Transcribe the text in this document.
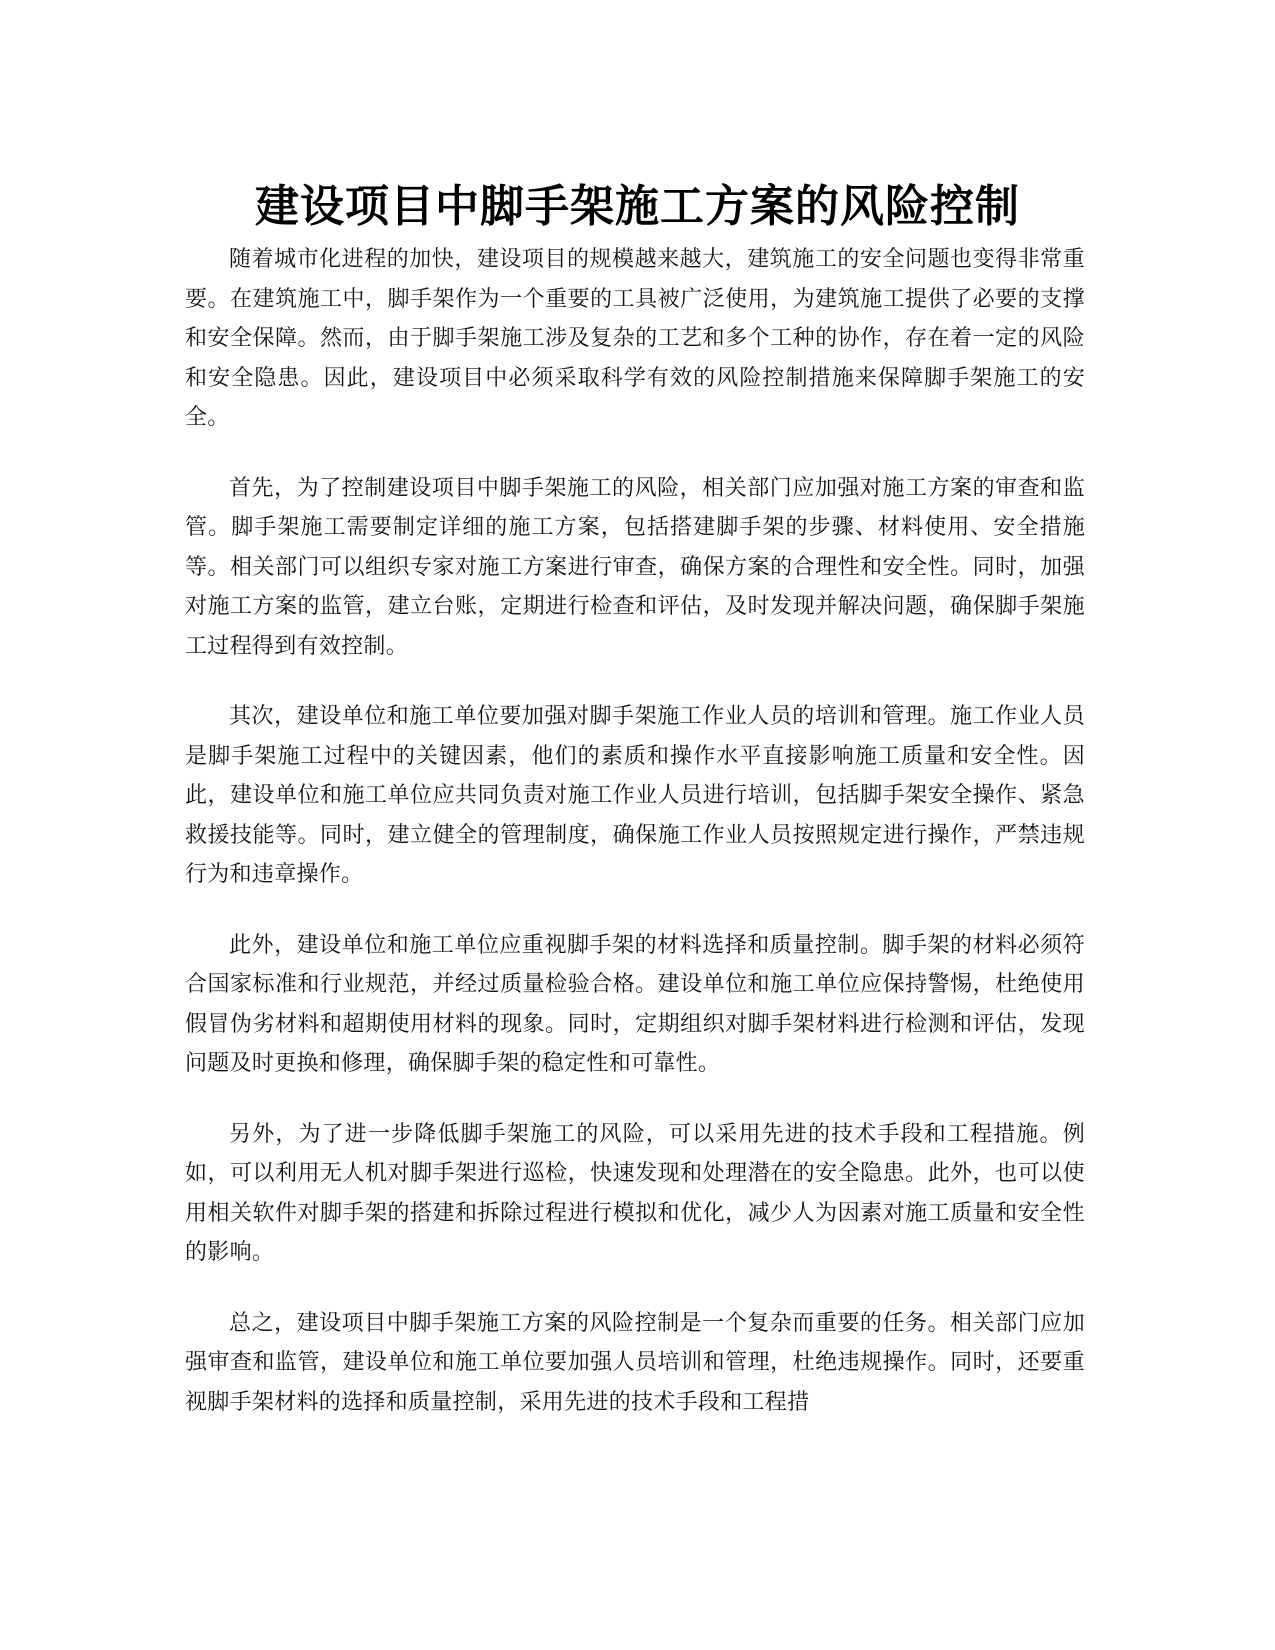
建设项目中脚手架施工方案的风险控制

随着城市化进程的加快，建设项目的规模越来越大，建筑施工的安全问题也变得非常重要。在建筑施工中，脚手架作为一个重要的工具被广泛使用，为建筑施工提供了必要的支撑和安全保障。然而，由于脚手架施工涉及复杂的工艺和多个工种的协作，存在着一定的风险和安全隐患。因此，建设项目中必须采取科学有效的风险控制措施来保障脚手架施工的安全。

首先，为了控制建设项目中脚手架施工的风险，相关部门应加强对施工方案的审查和监管。脚手架施工需要制定详细的施工方案，包括搭建脚手架的步骤、材料使用、安全措施等。相关部门可以组织专家对施工方案进行审查，确保方案的合理性和安全性。同时，加强对施工方案的监管，建立台账，定期进行检查和评估，及时发现并解决问题，确保脚手架施工过程得到有效控制。

其次，建设单位和施工单位要加强对脚手架施工作业人员的培训和管理。施工作业人员是脚手架施工过程中的关键因素，他们的素质和操作水平直接影响施工质量和安全性。因此，建设单位和施工单位应共同负责对施工作业人员进行培训，包括脚手架安全操作、紧急救援技能等。同时，建立健全的管理制度，确保施工作业人员按照规定进行操作，严禁违规行为和违章操作。

此外，建设单位和施工单位应重视脚手架的材料选择和质量控制。脚手架的材料必须符合国家标准和行业规范，并经过质量检验合格。建设单位和施工单位应保持警惕，杜绝使用假冒伪劣材料和超期使用材料的现象。同时，定期组织对脚手架材料进行检测和评估，发现问题及时更换和修理，确保脚手架的稳定性和可靠性。

另外，为了进一步降低脚手架施工的风险，可以采用先进的技术手段和工程措施。例如，可以利用无人机对脚手架进行巡检，快速发现和处理潜在的安全隐患。此外，也可以使用相关软件对脚手架的搭建和拆除过程进行模拟和优化，减少人为因素对施工质量和安全性的影响。

总之，建设项目中脚手架施工方案的风险控制是一个复杂而重要的任务。相关部门应加强审查和监管，建设单位和施工单位要加强人员培训和管理，杜绝违规操作。同时，还要重视脚手架材料的选择和质量控制，采用先进的技术手段和工程措
